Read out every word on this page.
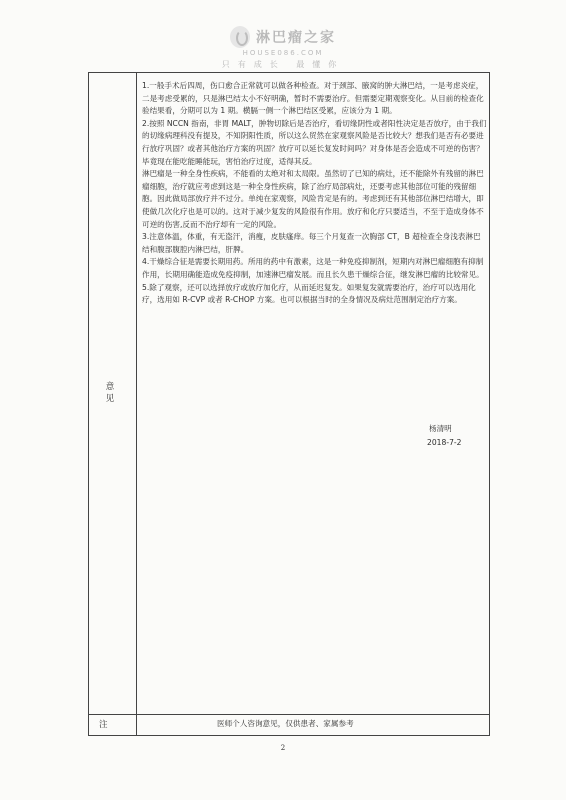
淋巴瘤之家
HOUSE086.COM
只有成长 最懂你
意见
注

1.一般手术后四周，伤口愈合正常就可以做各种检查。对于颈部、腋窝的肿大淋巴结，一是考虑炎症，二是考虑受累的，只是淋巴结太小不好明确，暂时不需要治疗。但需要定期观察变化。从目前的检查化验结果看，分期可以为 1 期。横膈一侧一个淋巴结区受累，应该分为 1 期。

2.按照 NCCN 指南，非胃 MALT，肿物切除后是否治疗，看切缘阴性或者阳性决定是否放疗，由于我们的切缘病理科没有提及，不知阴阳性质，所以这么贸然在家观察风险是否比较大？想我们是否有必要进行放疗巩固？或者其他治疗方案的巩固？放疗可以延长复发时间吗？对身体是否会造成不可逆的伤害？毕竟现在能吃能睡能玩，害怕治疗过度，适得其反。

淋巴瘤是一种全身性疾病，不能看的太绝对和太局限。虽然切了已知的病灶，还不能除外有残留的淋巴瘤细胞，治疗就应考虑到这是一种全身性疾病，除了治疗局部病灶，还要考虑其他部位可能的残留细胞。因此做局部放疗并不过分。单纯在家观察，风险肯定是有的。考虑到还有其他部位淋巴结增大，即使做几次化疗也是可以的。这对于减少复发的风险很有作用。放疗和化疗只要适当，不至于造成身体不可逆的伤害,反而不治疗却有一定的风险。

3.注意体温，体重，有无盗汗，消瘦，皮肤瘙痒。每三个月复查一次胸部 CT，B 超检查全身浅表淋巴结和腹部腹腔内淋巴结，肝脾。

4.干燥综合征是需要长期用药。所用的药中有激素，这是一种免疫抑制剂，短期内对淋巴瘤细胞有抑制作用，长期用确能造成免疫抑制，加速淋巴瘤发展。而且长久患干燥综合征，继发淋巴瘤的比较常见。

5.除了观察，还可以选择放疗或放疗加化疗，从而延迟复发。如果复发就需要治疗，治疗可以选用化疗，选用如 R-CVP 或者 R-CHOP 方案。也可以根据当时的全身情况及病灶范围制定治疗方案。

杨清明
2018-7-2
医师个人咨询意见，仅供患者、家属参考
2
